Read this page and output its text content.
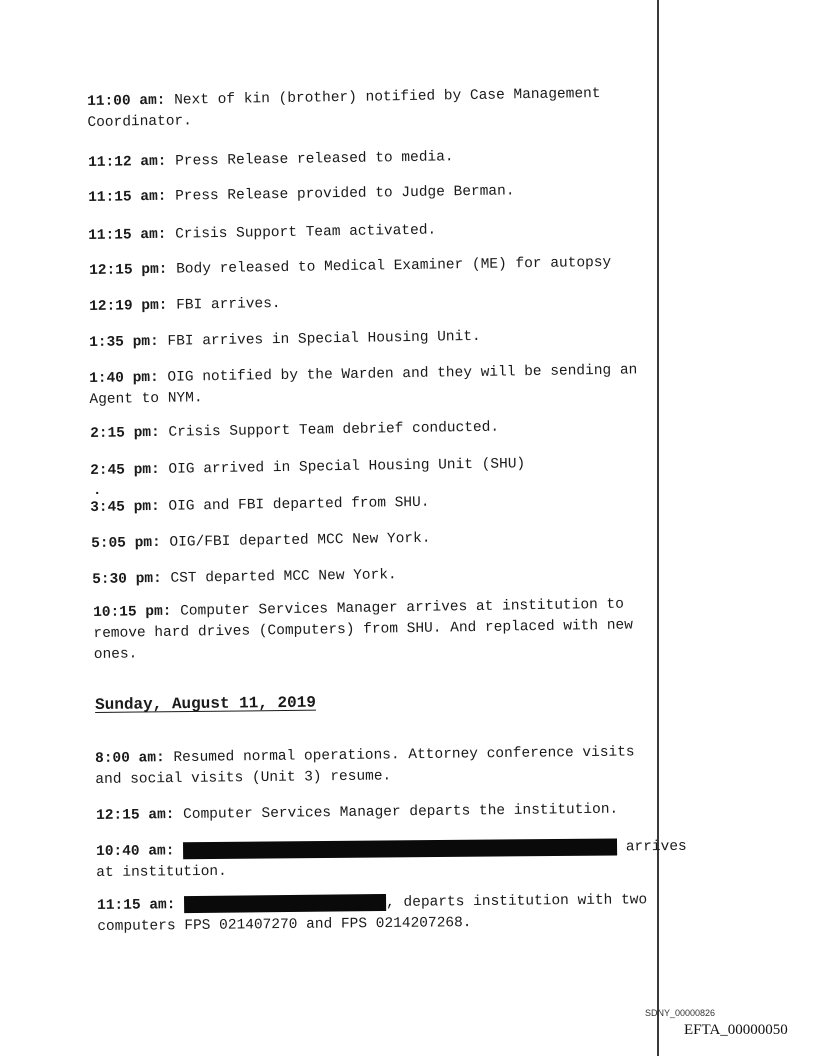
11:00 am: Next of kin (brother) notified by Case Management
Coordinator.
11:12 am: Press Release released to media.
11:15 am: Press Release provided to Judge Berman.
11:15 am: Crisis Support Team activated.
12:15 pm: Body released to Medical Examiner (ME) for autopsy
12:19 pm: FBI arrives.
1:35 pm: FBI arrives in Special Housing Unit.
1:40 pm: OIG notified by the Warden and they will be sending an
Agent to NYM.
2:15 pm: Crisis Support Team debrief conducted.
2:45 pm: OIG arrived in Special Housing Unit (SHU)
.
3:45 pm: OIG and FBI departed from SHU.
5:05 pm: OIG/FBI departed MCC New York.
5:30 pm: CST departed MCC New York.
10:15 pm: Computer Services Manager arrives at institution to
remove hard drives (Computers) from SHU. And replaced with new
ones.
Sunday, August 11, 2019
8:00 am: Resumed normal operations. Attorney conference visits
and social visits (Unit 3) resume.
12:15 am: Computer Services Manager departs the institution.
10:40 am:	arrives
at institution.
11:15 am:	, departs institution with two
computers FPS 021407270 and FPS 0214207268.
SDNY_00000826
EFTA_00000050
